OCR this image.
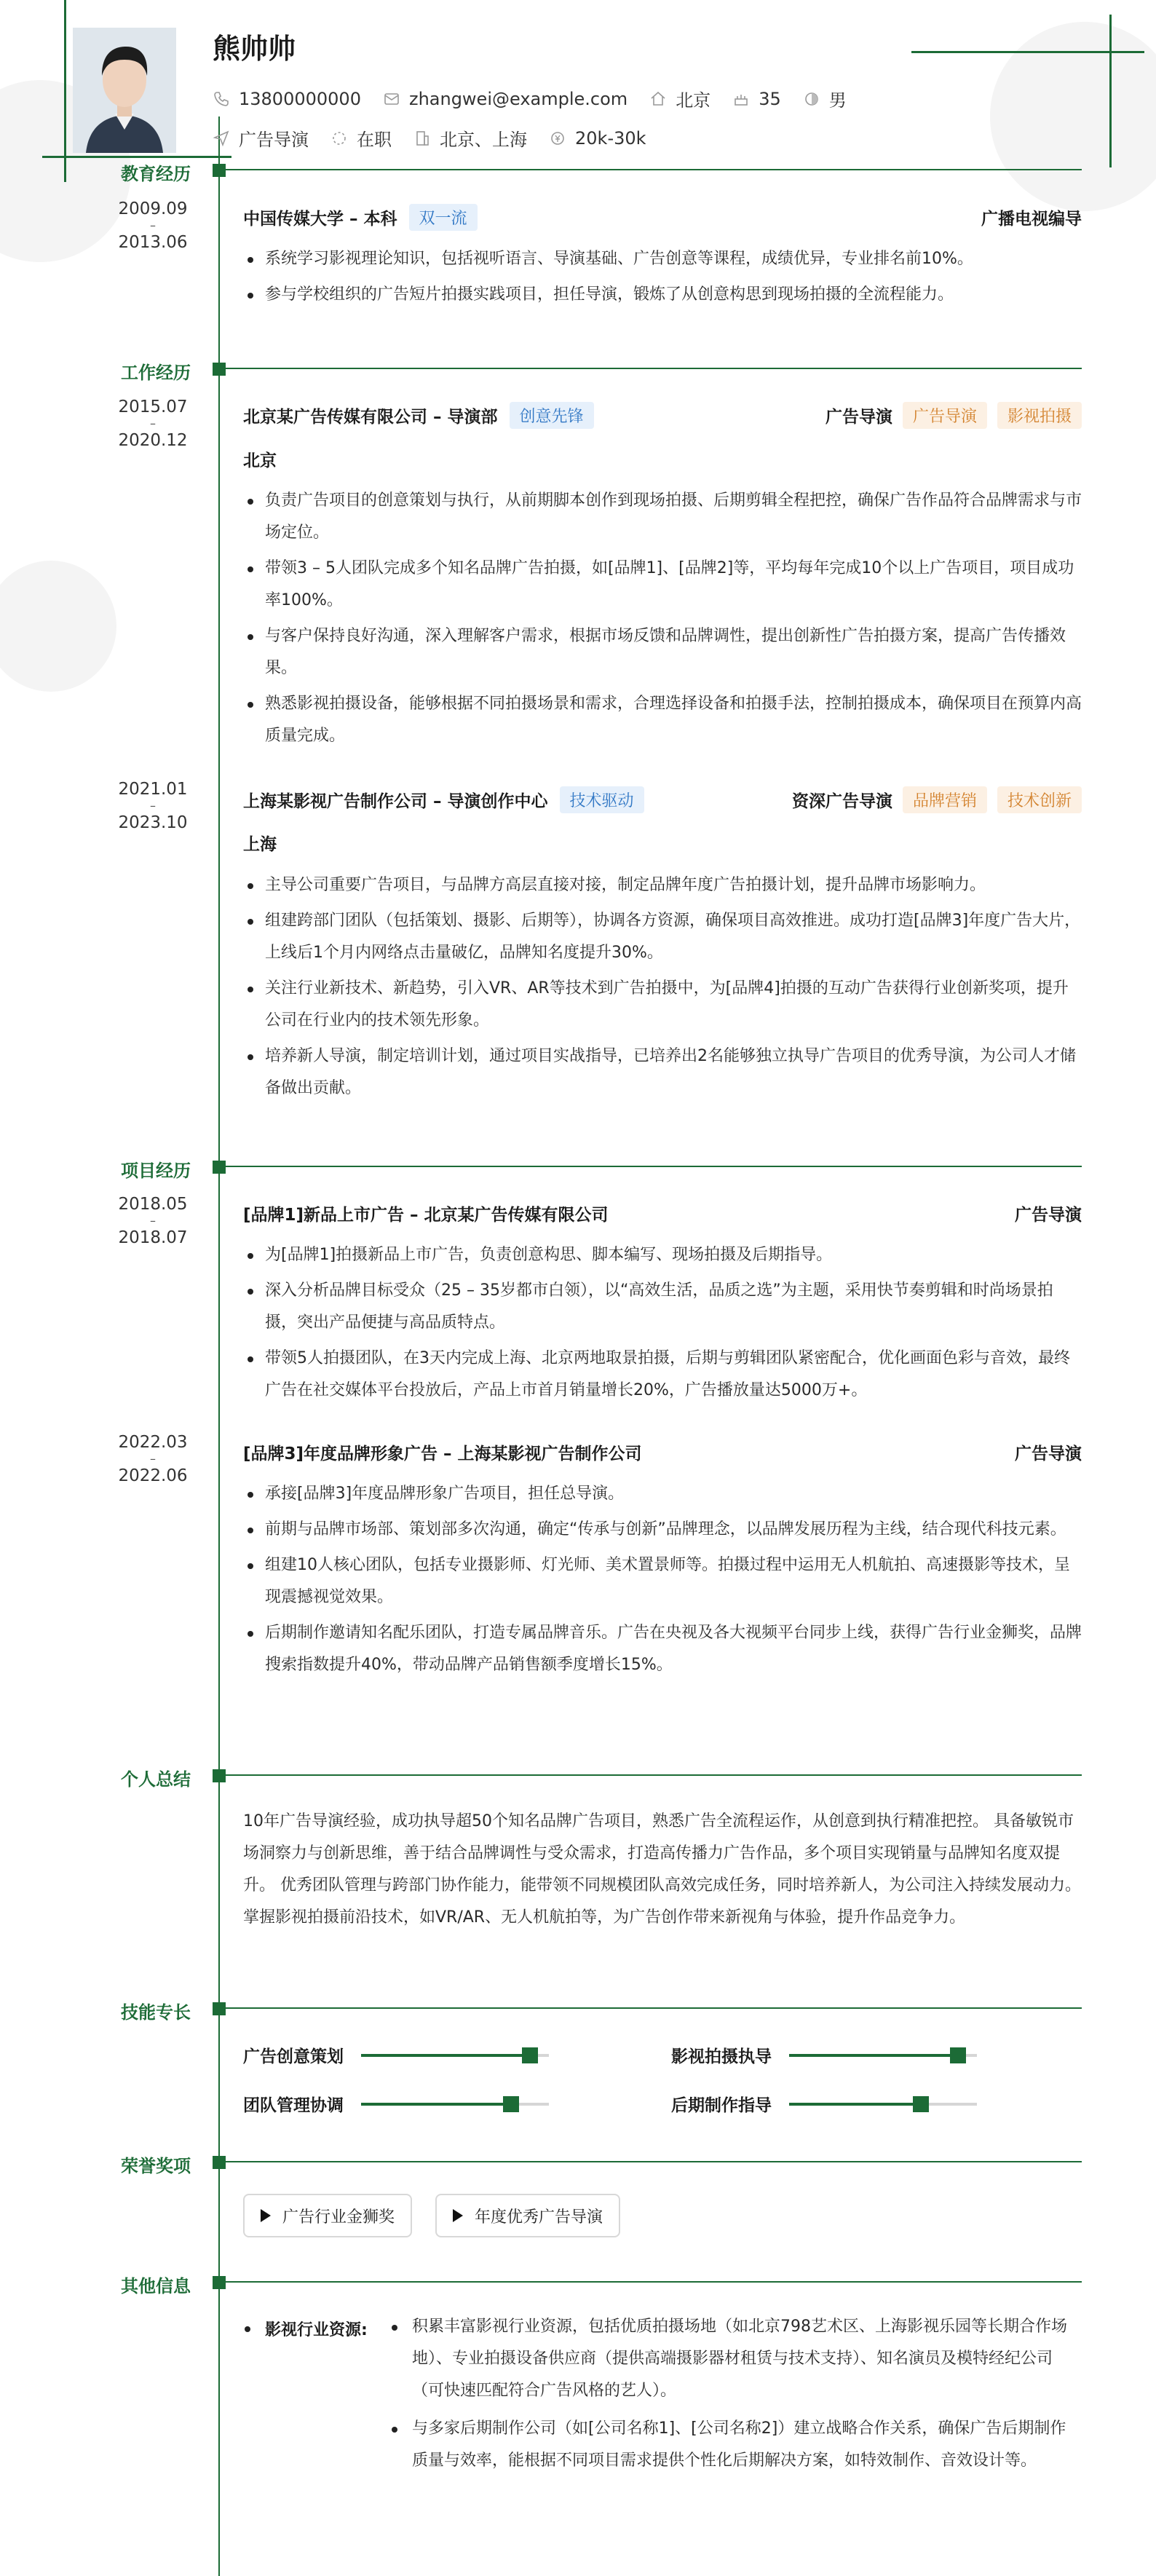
熊帅帅
13800000000	zhangwei@example.com	北京	35	男
广告导演	在职	北京、上海	20k-30k
教育经历
2009.09
–
2013.06
中国传媒大学 – 本科	双一流	广播电视编导
系统学习影视理论知识，包括视听语言、导演基础、广告创意等课程，成绩优异，专业排名前10%。
参与学校组织的广告短片拍摄实践项目，担任导演，锻炼了从创意构思到现场拍摄的全流程能力。
工作经历
2015.07
–
2020.12
北京某广告传媒有限公司 – 导演部	创意先锋	广告导演	广告导演	影视拍摄
北京
负责广告项目的创意策划与执行，从前期脚本创作到现场拍摄、后期剪辑全程把控，确保广告作品符合品牌需求与市场定位。
带领3 – 5人团队完成多个知名品牌广告拍摄，如[品牌1]、[品牌2]等，平均每年完成10个以上广告项目，项目成功率100%。
与客户保持良好沟通，深入理解客户需求，根据市场反馈和品牌调性，提出创新性广告拍摄方案，提高广告传播效果。
熟悉影视拍摄设备，能够根据不同拍摄场景和需求，合理选择设备和拍摄手法，控制拍摄成本，确保项目在预算内高质量完成。
2021.01
–
2023.10
上海某影视广告制作公司 – 导演创作中心	技术驱动	资深广告导演	品牌营销	技术创新
上海
主导公司重要广告项目，与品牌方高层直接对接，制定品牌年度广告拍摄计划，提升品牌市场影响力。
组建跨部门团队（包括策划、摄影、后期等），协调各方资源，确保项目高效推进。成功打造[品牌3]年度广告大片，上线后1个月内网络点击量破亿，品牌知名度提升30%。
关注行业新技术、新趋势，引入VR、AR等技术到广告拍摄中，为[品牌4]拍摄的互动广告获得行业创新奖项，提升公司在行业内的技术领先形象。
培养新人导演，制定培训计划，通过项目实战指导，已培养出2名能够独立执导广告项目的优秀导演，为公司人才储备做出贡献。
项目经历
2018.05
–
2018.07
[品牌1]新品上市广告 – 北京某广告传媒有限公司	广告导演
为[品牌1]拍摄新品上市广告，负责创意构思、脚本编写、现场拍摄及后期指导。
深入分析品牌目标受众（25 – 35岁都市白领），以“高效生活，品质之选”为主题，采用快节奏剪辑和时尚场景拍摄，突出产品便捷与高品质特点。
带领5人拍摄团队，在3天内完成上海、北京两地取景拍摄，后期与剪辑团队紧密配合，优化画面色彩与音效，最终广告在社交媒体平台投放后，产品上市首月销量增长20%，广告播放量达5000万+。
2022.03
–
2022.06
[品牌3]年度品牌形象广告 – 上海某影视广告制作公司	广告导演
承接[品牌3]年度品牌形象广告项目，担任总导演。
前期与品牌市场部、策划部多次沟通，确定“传承与创新”品牌理念，以品牌发展历程为主线，结合现代科技元素。
组建10人核心团队，包括专业摄影师、灯光师、美术置景师等。拍摄过程中运用无人机航拍、高速摄影等技术，呈现震撼视觉效果。
后期制作邀请知名配乐团队，打造专属品牌音乐。广告在央视及各大视频平台同步上线，获得广告行业金狮奖，品牌搜索指数提升40%，带动品牌产品销售额季度增长15%。
个人总结
10年广告导演经验，成功执导超50个知名品牌广告项目，熟悉广告全流程运作，从创意到执行精准把控。 具备敏锐市场洞察力与创新思维，善于结合品牌调性与受众需求，打造高传播力广告作品，多个项目实现销量与品牌知名度双提升。 优秀团队管理与跨部门协作能力，能带领不同规模团队高效完成任务，同时培养新人，为公司注入持续发展动力。 掌握影视拍摄前沿技术，如VR/AR、无人机航拍等，为广告创作带来新视角与体验，提升作品竞争力。
技能专长
广告创意策划	影视拍摄执导
团队管理协调	后期制作指导
荣誉奖项
广告行业金狮奖	年度优秀广告导演
其他信息
影视行业资源:	积累丰富影视行业资源，包括优质拍摄场地（如北京798艺术区、上海影视乐园等长期合作场地）、专业拍摄设备供应商（提供高端摄影器材租赁与技术支持）、知名演员及模特经纪公司（可快速匹配符合广告风格的艺人）。
与多家后期制作公司（如[公司名称1]、[公司名称2]）建立战略合作关系，确保广告后期制作质量与效率，能根据不同项目需求提供个性化后期解决方案，如特效制作、音效设计等。
